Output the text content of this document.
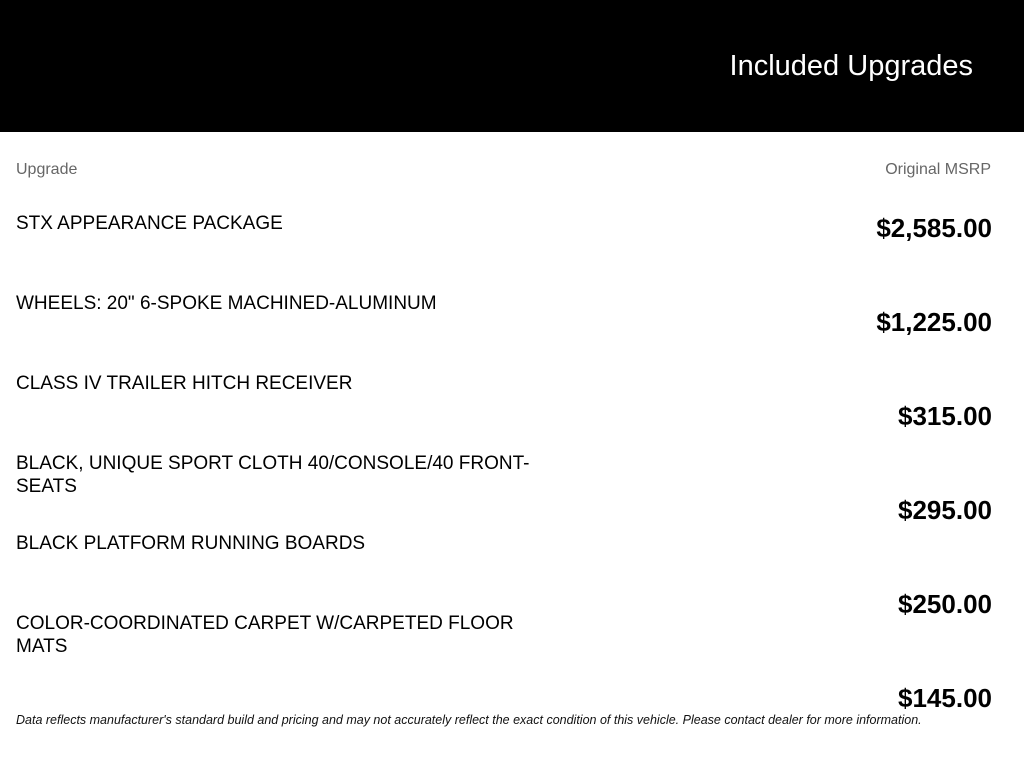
Included Upgrades
Upgrade	Original MSRP
STX APPEARANCE PACKAGE	$2,585.00
WHEELS: 20" 6-SPOKE MACHINED-ALUMINUM
$1,225.00
CLASS IV TRAILER HITCH RECEIVER
$315.00
BLACK, UNIQUE SPORT CLOTH 40/CONSOLE/40 FRONT-SEATS
$295.00
BLACK PLATFORM RUNNING BOARDS
$250.00
COLOR-COORDINATED CARPET W/CARPETED FLOOR MATS
$145.00
Data reflects manufacturer's standard build and pricing and may not accurately reflect the exact condition of this vehicle. Please contact dealer for more information.
